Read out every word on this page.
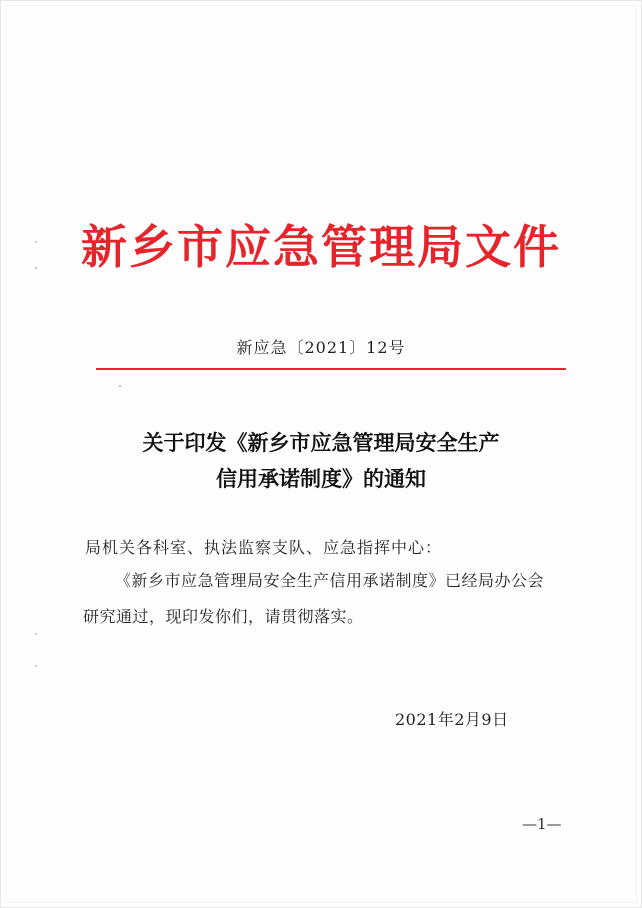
新乡市应急管理局文件
新应急〔2021〕12号
关于印发《新乡市应急管理局安全生产
信用承诺制度》的通知
局机关各科室、执法监察支队、应急指挥中心：
《新乡市应急管理局安全生产信用承诺制度》已经局办公会
研究通过，现印发你们，请贯彻落实。
2021年2月9日
—1—
